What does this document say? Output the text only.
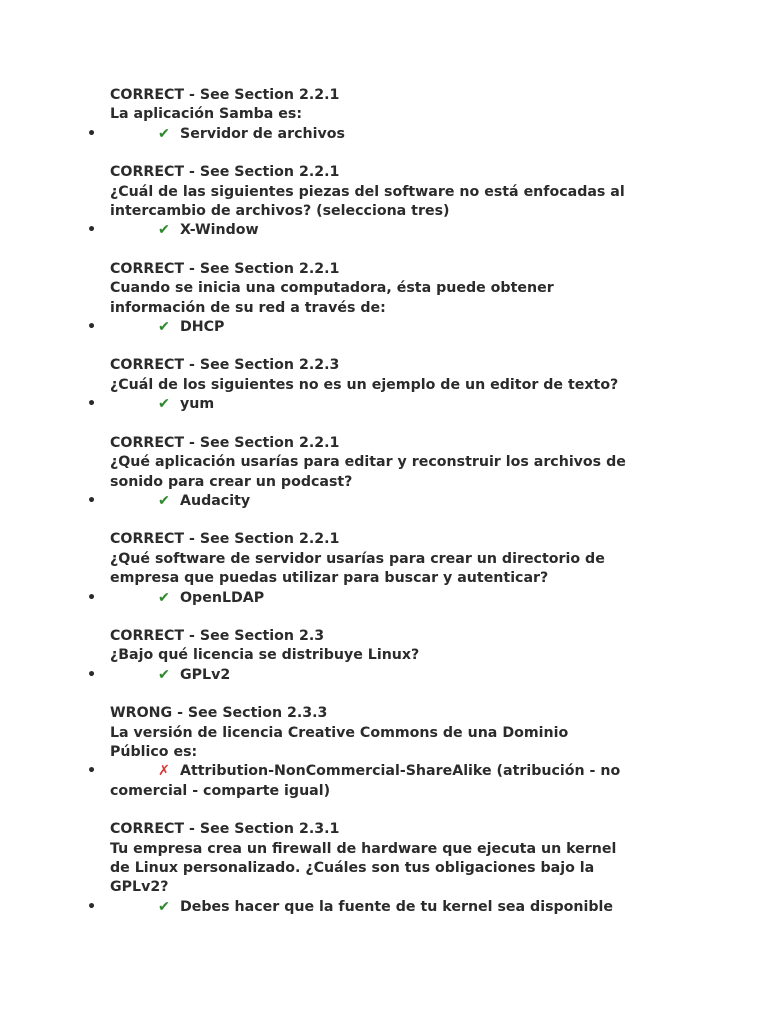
CORRECT - See Section 2.2.1
La aplicación Samba es:
•	✔ Servidor de archivos
CORRECT - See Section 2.2.1
¿Cuál de las siguientes piezas del software no está enfocadas al
intercambio de archivos? (selecciona tres)
•	✔ X-Window
CORRECT - See Section 2.2.1
Cuando se inicia una computadora, ésta puede obtener
información de su red a través de:
•	✔ DHCP
CORRECT - See Section 2.2.3
¿Cuál de los siguientes no es un ejemplo de un editor de texto?
•	✔ yum
CORRECT - See Section 2.2.1
¿Qué aplicación usarías para editar y reconstruir los archivos de
sonido para crear un podcast?
•	✔ Audacity
CORRECT - See Section 2.2.1
¿Qué software de servidor usarías para crear un directorio de
empresa que puedas utilizar para buscar y autenticar?
•	✔ OpenLDAP
CORRECT - See Section 2.3
¿Bajo qué licencia se distribuye Linux?
•	✔ GPLv2
WRONG - See Section 2.3.3
La versión de licencia Creative Commons de una Dominio
Público es:
•	✗ Attribution-NonCommercial-ShareAlike (atribución - no
comercial - comparte igual)
CORRECT - See Section 2.3.1
Tu empresa crea un firewall de hardware que ejecuta un kernel
de Linux personalizado. ¿Cuáles son tus obligaciones bajo la
GPLv2?
•	✔ Debes hacer que la fuente de tu kernel sea disponible
